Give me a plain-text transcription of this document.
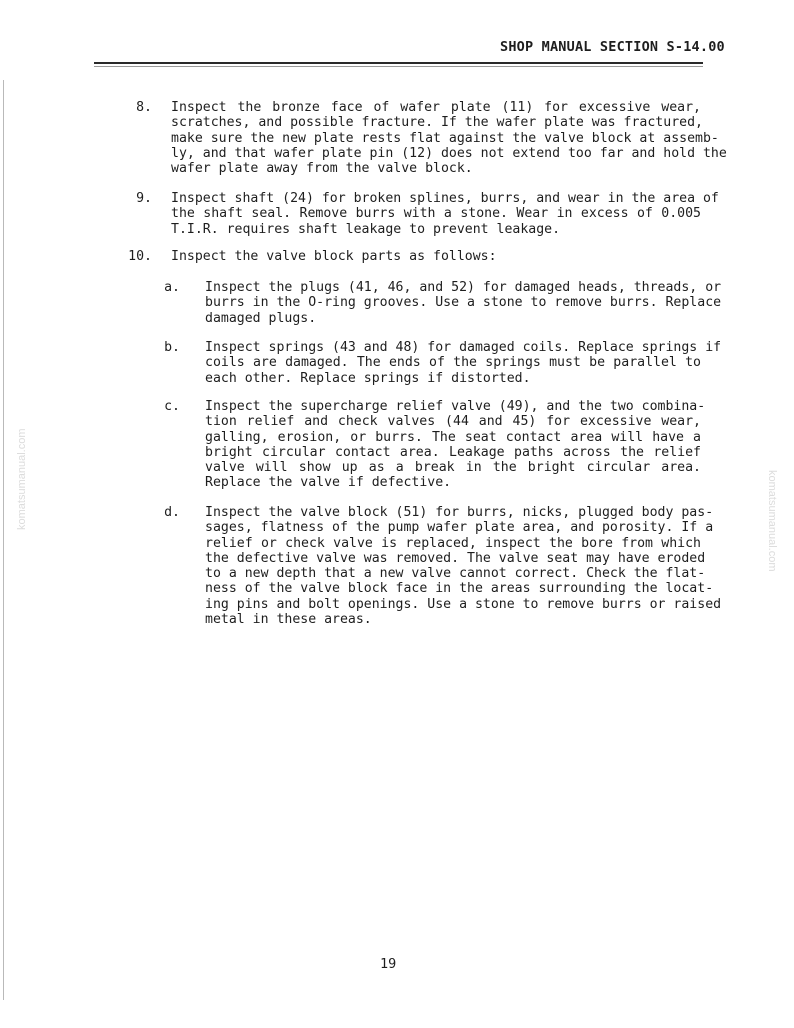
SHOP MANUAL SECTION S-14.00
8. Inspect the bronze face of wafer plate (11) for excessive wear,
scratches, and possible fracture. If the wafer plate was fractured,
make sure the new plate rests flat against the valve block at assemb-
ly, and that wafer plate pin (12) does not extend too far and hold the
wafer plate away from the valve block.
9. Inspect shaft (24) for broken splines, burrs, and wear in the area of
the shaft seal. Remove burrs with a stone. Wear in excess of 0.005
T.I.R. requires shaft leakage to prevent leakage.
10. Inspect the valve block parts as follows:
a. Inspect the plugs (41, 46, and 52) for damaged heads, threads, or
burrs in the O-ring grooves. Use a stone to remove burrs. Replace
damaged plugs.
b. Inspect springs (43 and 48) for damaged coils. Replace springs if
coils are damaged. The ends of the springs must be parallel to
each other. Replace springs if distorted.
c. Inspect the supercharge relief valve (49), and the two combina-
tion relief and check valves (44 and 45) for excessive wear,
galling, erosion, or burrs. The seat contact area will have a
bright circular contact area. Leakage paths across the relief
valve will show up as a break in the bright circular area.
Replace the valve if defective.
d. Inspect the valve block (51) for burrs, nicks, plugged body pas-
sages, flatness of the pump wafer plate area, and porosity. If a
relief or check valve is replaced, inspect the bore from which
the defective valve was removed. The valve seat may have eroded
to a new depth that a new valve cannot correct. Check the flat-
ness of the valve block face in the areas surrounding the locat-
ing pins and bolt openings. Use a stone to remove burrs or raised
metal in these areas.
komatsumanual.com	komatsumanual.com
19
